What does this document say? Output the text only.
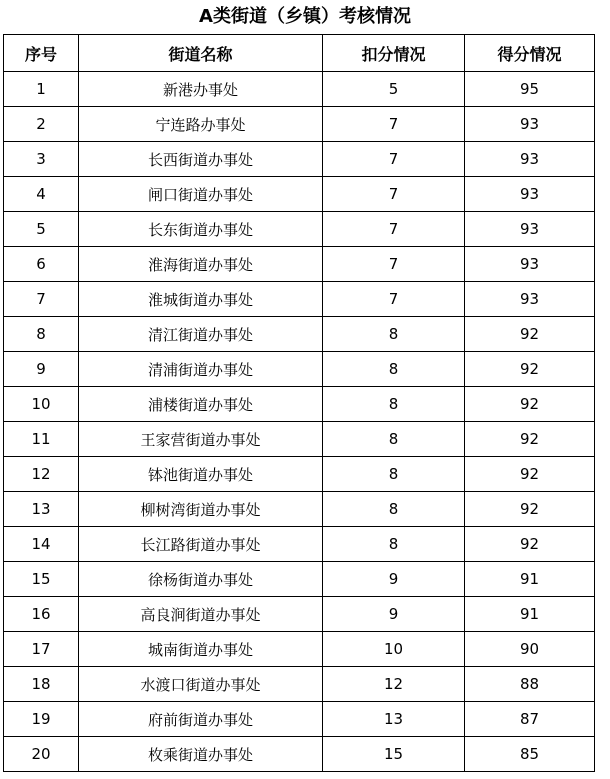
A类街道（乡镇）考核情况
序号	街道名称	扣分情况	得分情况
1	新港办事处	5	95
2	宁连路办事处	7	93
3	长西街道办事处	7	93
4	闸口街道办事处	7	93
5	长东街道办事处	7	93
6	淮海街道办事处	7	93
7	淮城街道办事处	7	93
8	清江街道办事处	8	92
9	清浦街道办事处	8	92
10	浦楼街道办事处	8	92
11	王家营街道办事处	8	92
12	钵池街道办事处	8	92
13	柳树湾街道办事处	8	92
14	长江路街道办事处	8	92
15	徐杨街道办事处	9	91
16	高良涧街道办事处	9	91
17	城南街道办事处	10	90
18	水渡口街道办事处	12	88
19	府前街道办事处	13	87
20	枚乘街道办事处	15	85
